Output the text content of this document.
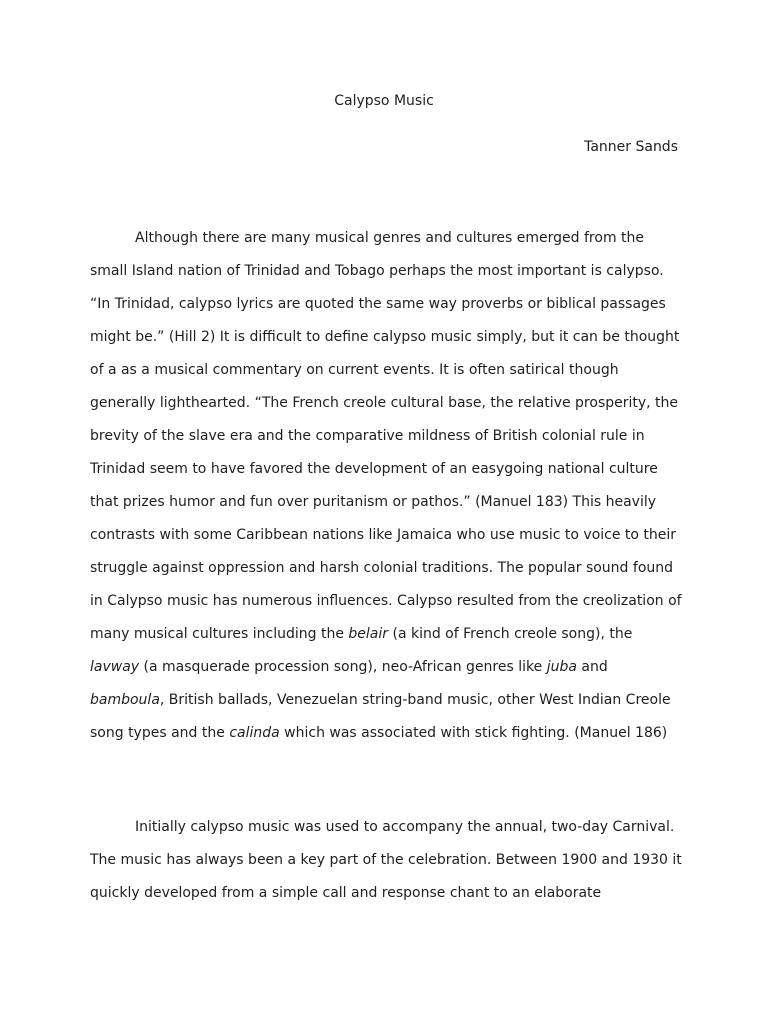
Calypso Music
Tanner Sands
Although there are many musical genres and cultures emerged from the
small Island nation of Trinidad and Tobago perhaps the most important is calypso.
“In Trinidad, calypso lyrics are quoted the same way proverbs or biblical passages
might be.” (Hill 2) It is difficult to define calypso music simply, but it can be thought
of a as a musical commentary on current events. It is often satirical though
generally lighthearted. “The French creole cultural base, the relative prosperity, the
brevity of the slave era and the comparative mildness of British colonial rule in
Trinidad seem to have favored the development of an easygoing national culture
that prizes humor and fun over puritanism or pathos.” (Manuel 183) This heavily
contrasts with some Caribbean nations like Jamaica who use music to voice to their
struggle against oppression and harsh colonial traditions. The popular sound found
in Calypso music has numerous influences. Calypso resulted from the creolization of
many musical cultures including the belair (a kind of French creole song), the
lavway (a masquerade procession song), neo-African genres like juba and
bamboula, British ballads, Venezuelan string-band music, other West Indian Creole
song types and the calinda which was associated with stick fighting. (Manuel 186)
Initially calypso music was used to accompany the annual, two-day Carnival.
The music has always been a key part of the celebration. Between 1900 and 1930 it
quickly developed from a simple call and response chant to an elaborate
